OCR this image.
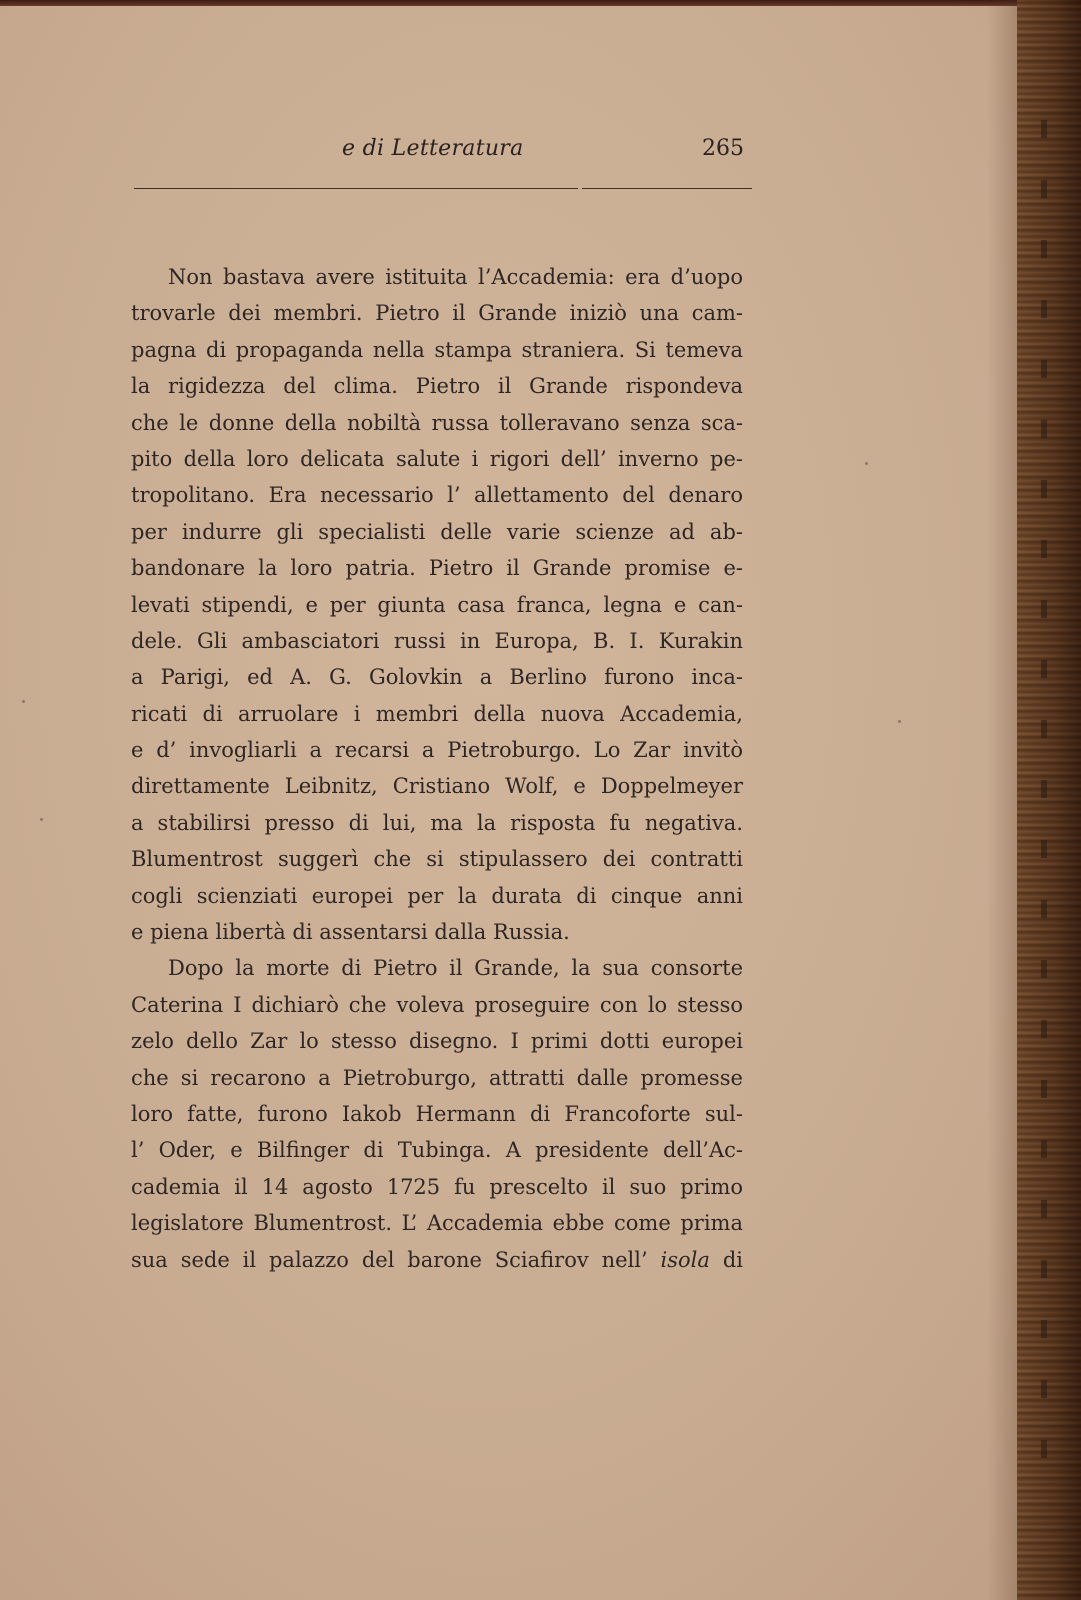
e di Letteratura	265
Non bastava avere istituita l’Accademia: era d’uopo
trovarle dei membri. Pietro il Grande iniziò una cam-
pagna di propaganda nella stampa straniera. Si temeva
la rigidezza del clima. Pietro il Grande rispondeva
che le donne della nobiltà russa tolleravano senza sca-
pito della loro delicata salute i rigori dell’ inverno pe-
tropolitano. Era necessario l’ allettamento del denaro
per indurre gli specialisti delle varie scienze ad ab-
bandonare la loro patria. Pietro il Grande promise e-
levati stipendi, e per giunta casa franca, legna e can-
dele. Gli ambasciatori russi in Europa, B. I. Kurakin
a Parigi, ed A. G. Golovkin a Berlino furono inca-
ricati di arruolare i membri della nuova Accademia,
e d’ invogliarli a recarsi a Pietroburgo. Lo Zar invitò
direttamente Leibnitz, Cristiano Wolf, e Doppelmeyer
a stabilirsi presso di lui, ma la risposta fu negativa.
Blumentrost suggerì che si stipulassero dei contratti
cogli scienziati europei per la durata di cinque anni
e piena libertà di assentarsi dalla Russia.
Dopo la morte di Pietro il Grande, la sua consorte
Caterina I dichiarò che voleva proseguire con lo stesso
zelo dello Zar lo stesso disegno. I primi dotti europei
che si recarono a Pietroburgo, attratti dalle promesse
loro fatte, furono Iakob Hermann di Francoforte sul-
l’ Oder, e Bilfinger di Tubinga. A presidente dell’Ac-
cademia il 14 agosto 1725 fu prescelto il suo primo
legislatore Blumentrost. L’ Accademia ebbe come prima
sua sede il palazzo del barone Sciafirov nell’ isola di
